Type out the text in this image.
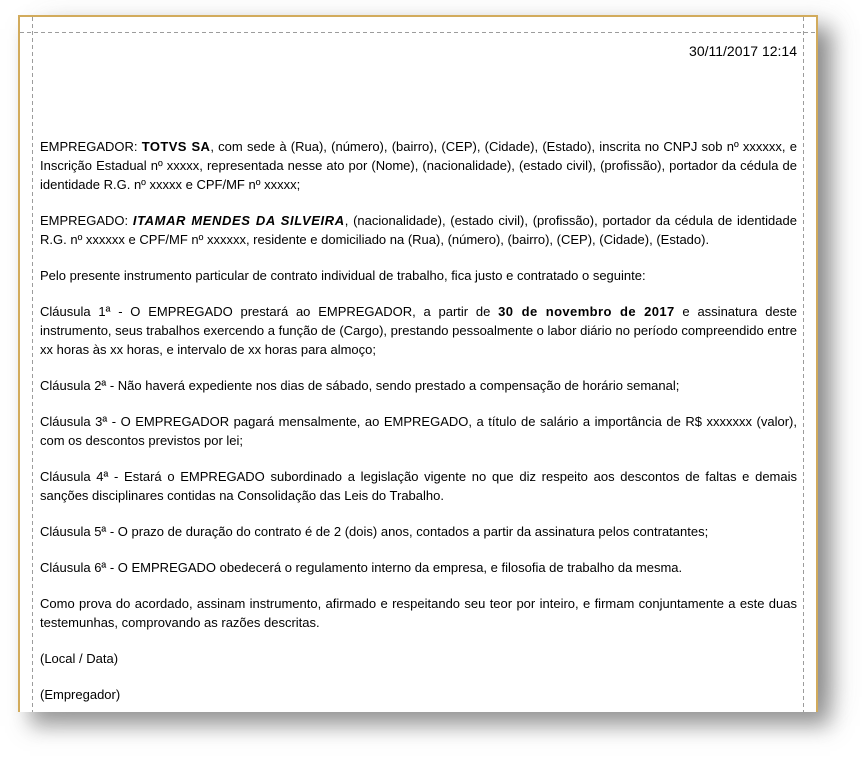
30/11/2017 12:14

EMPREGADOR: TOTVS SA, com sede à (Rua), (número), (bairro), (CEP), (Cidade), (Estado), inscrita no CNPJ sob nº xxxxxx, e Inscrição Estadual nº xxxxx, representada nesse ato por (Nome), (nacionalidade), (estado civil), (profissão), portador da cédula de identidade R.G. nº xxxxx e CPF/MF nº xxxxx;

EMPREGADO: ITAMAR MENDES DA SILVEIRA, (nacionalidade), (estado civil), (profissão), portador da cédula de identidade R.G. nº xxxxxx e CPF/MF nº xxxxxx, residente e domiciliado na (Rua), (número), (bairro), (CEP), (Cidade), (Estado).

Pelo presente instrumento particular de contrato individual de trabalho, fica justo e contratado o seguinte:

Cláusula 1ª - O EMPREGADO prestará ao EMPREGADOR, a partir de 30 de novembro de 2017 e assinatura deste instrumento, seus trabalhos exercendo a função de (Cargo), prestando pessoalmente o labor diário no período compreendido entre xx horas às xx horas, e intervalo de xx horas para almoço;

Cláusula 2ª - Não haverá expediente nos dias de sábado, sendo prestado a compensação de horário semanal;

Cláusula 3ª - O EMPREGADOR pagará mensalmente, ao EMPREGADO, a título de salário a importância de R$ xxxxxxx (valor), com os descontos previstos por lei;

Cláusula 4ª - Estará o EMPREGADO subordinado a legislação vigente no que diz respeito aos descontos de faltas e demais sanções disciplinares contidas na Consolidação das Leis do Trabalho.

Cláusula 5ª - O prazo de duração do contrato é de 2 (dois) anos, contados a partir da assinatura pelos contratantes;

Cláusula 6ª - O EMPREGADO obedecerá o regulamento interno da empresa, e filosofia de trabalho da mesma.

Como prova do acordado, assinam instrumento, afirmado e respeitando seu teor por inteiro, e firmam conjuntamente a este duas testemunhas, comprovando as razões descritas.

(Local / Data)

(Empregador)
